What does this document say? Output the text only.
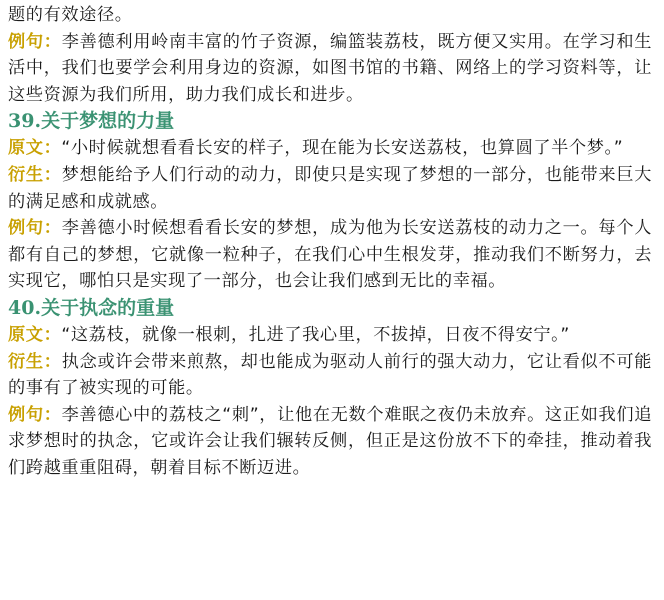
题的有效途径。

例句：李善德利用岭南丰富的竹子资源，编篮装荔枝，既方便又实用。在学习和生活中，我们也要学会利用身边的资源，如图书馆的书籍、网络上的学习资料等，让这些资源为我们所用，助力我们成长和进步。

39.关于梦想的力量

原文：“小时候就想看看长安的样子，现在能为长安送荔枝，也算圆了半个梦。”

衍生：梦想能给予人们行动的动力，即使只是实现了梦想的一部分，也能带来巨大的满足感和成就感。

例句：李善德小时候想看看长安的梦想，成为他为长安送荔枝的动力之一。每个人都有自己的梦想，它就像一粒种子，在我们心中生根发芽，推动我们不断努力，去实现它，哪怕只是实现了一部分，也会让我们感到无比的幸福。

40.关于执念的重量

原文：“这荔枝，就像一根刺，扎进了我心里，不拔掉，日夜不得安宁。”

衍生：执念或许会带来煎熬，却也能成为驱动人前行的强大动力，它让看似不可能的事有了被实现的可能。

例句：李善德心中的荔枝之“刺”，让他在无数个难眠之夜仍未放弃。这正如我们追求梦想时的执念，它或许会让我们辗转反侧，但正是这份放不下的牵挂，推动着我们跨越重重阻碍，朝着目标不断迈进。
